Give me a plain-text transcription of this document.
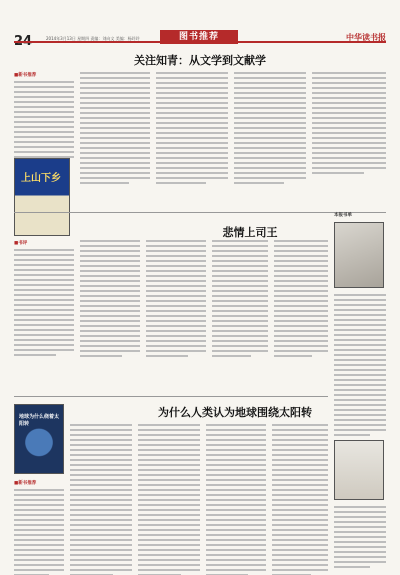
24	2014年3月13日 星期四 责编：刘向文 美编：杨玲玲	图书推荐	中华读书报
关注知青：从文学到文献学
悲情上司王
为什么人类认为地球围绕太阳转
■新书推荐
上山下乡
■书评
本报书单
地球为什么绕着太阳转
■新书推荐
